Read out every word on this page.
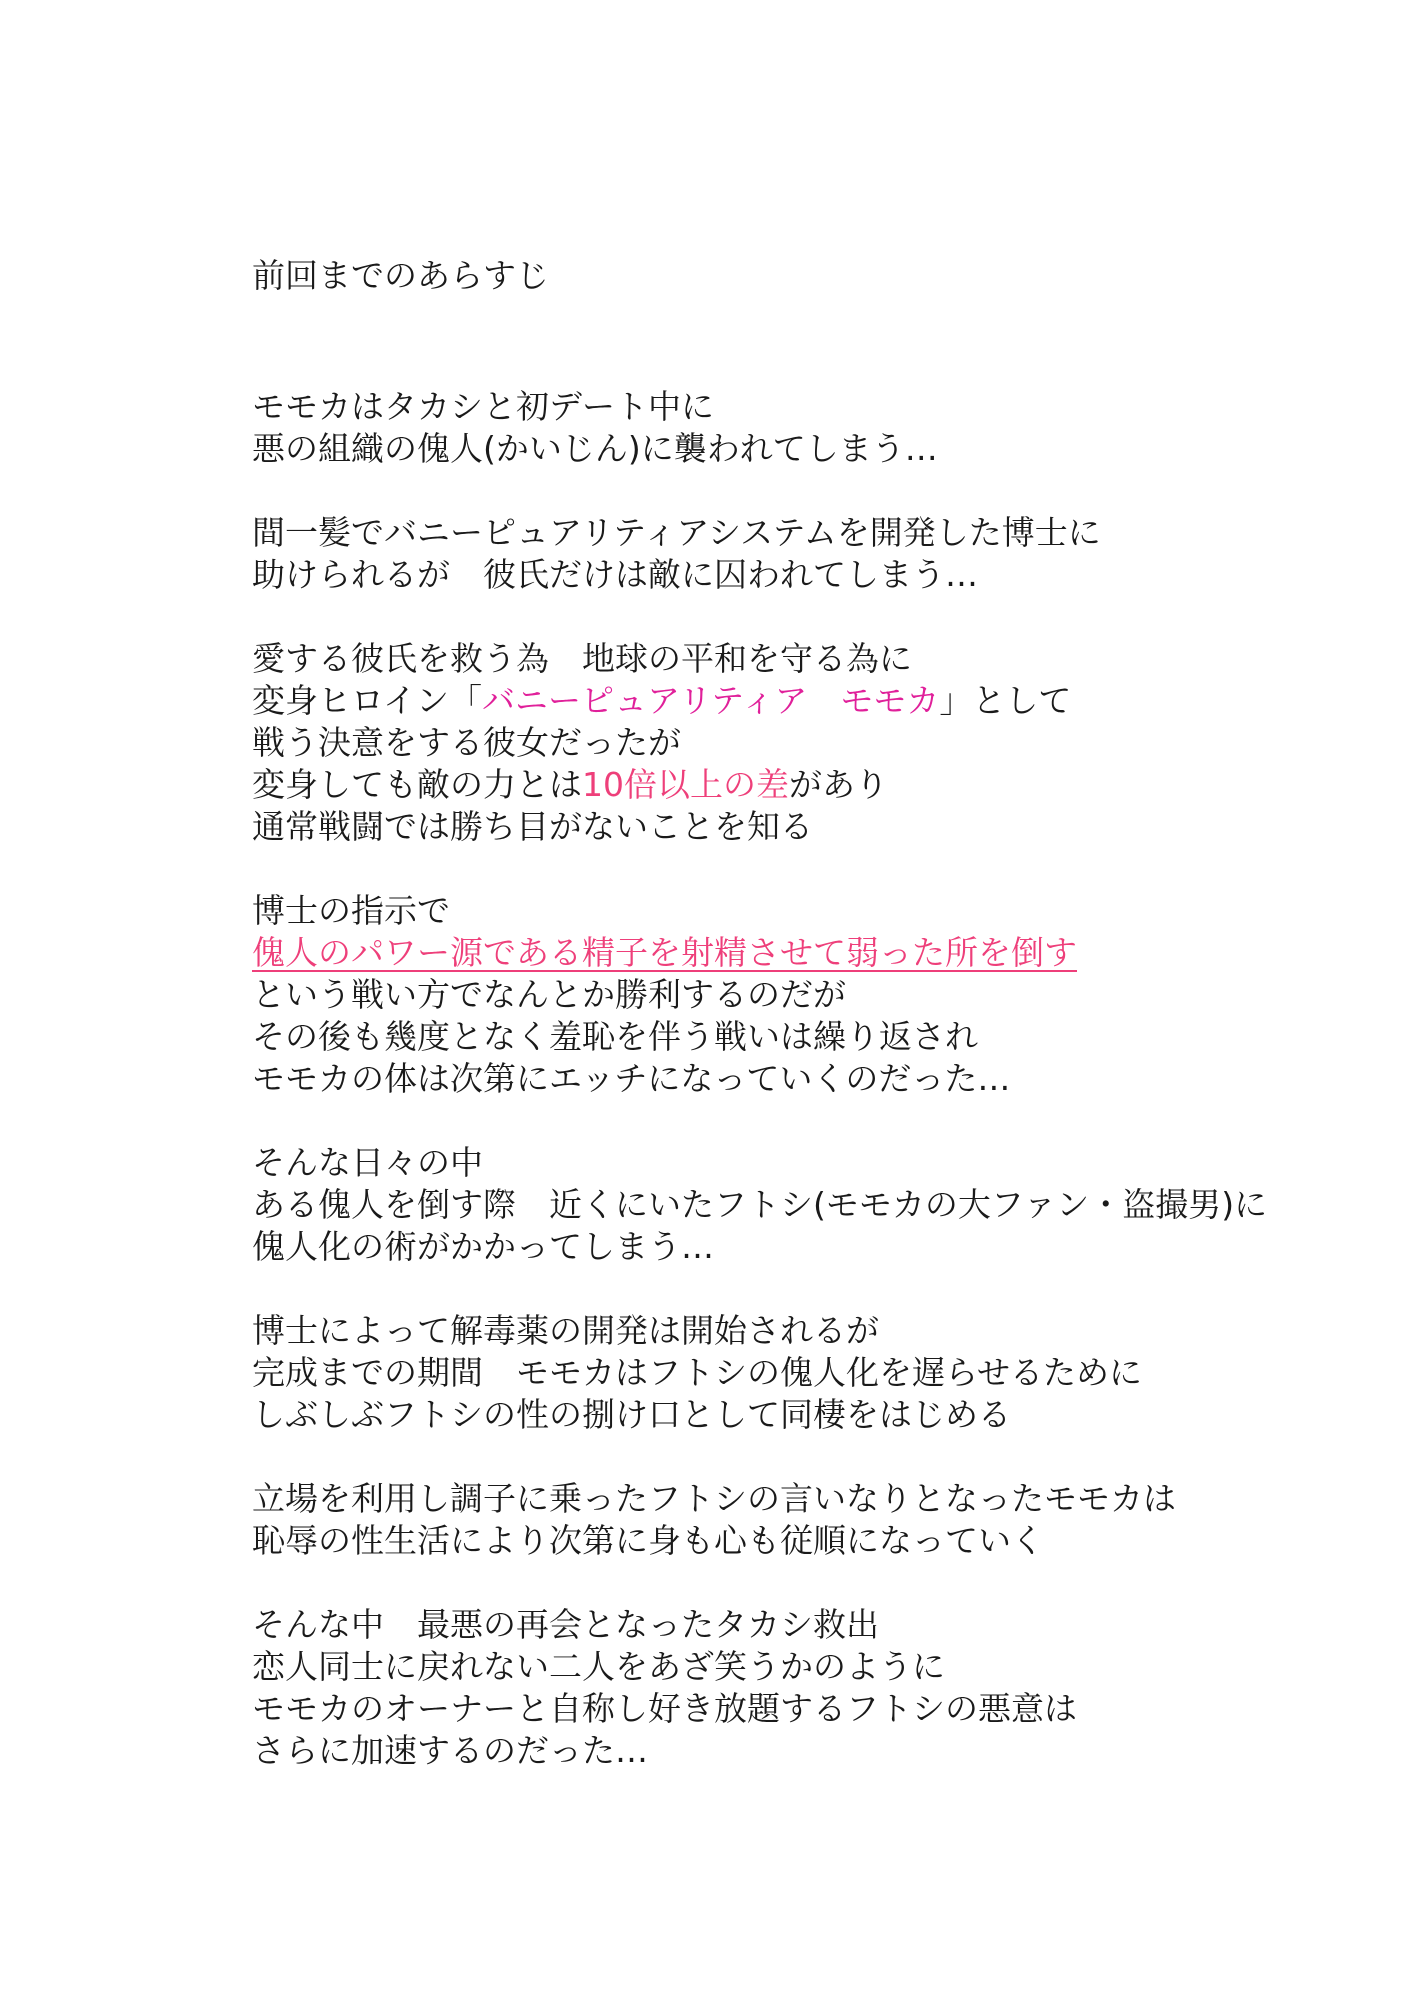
前回までのあらすじ
モモカはタカシと初デート中に
悪の組織の傀人(かいじん)に襲われてしまう…
間一髪でバニーピュアリティアシステムを開発した博士に
助けられるが　彼氏だけは敵に囚われてしまう…
愛する彼氏を救う為　地球の平和を守る為に
変身ヒロイン「バニーピュアリティア　モモカ」として
戦う決意をする彼女だったが
変身しても敵の力とは10倍以上の差があり
通常戦闘では勝ち目がないことを知る
博士の指示で
傀人のパワー源である精子を射精させて弱った所を倒す
という戦い方でなんとか勝利するのだが
その後も幾度となく羞恥を伴う戦いは繰り返され
モモカの体は次第にエッチになっていくのだった…
そんな日々の中
ある傀人を倒す際　近くにいたフトシ(モモカの大ファン・盗撮男)に
傀人化の術がかかってしまう…
博士によって解毒薬の開発は開始されるが
完成までの期間　モモカはフトシの傀人化を遅らせるために
しぶしぶフトシの性の捌け口として同棲をはじめる
立場を利用し調子に乗ったフトシの言いなりとなったモモカは
恥辱の性生活により次第に身も心も従順になっていく
そんな中　最悪の再会となったタカシ救出
恋人同士に戻れない二人をあざ笑うかのように
モモカのオーナーと自称し好き放題するフトシの悪意は
さらに加速するのだった…
